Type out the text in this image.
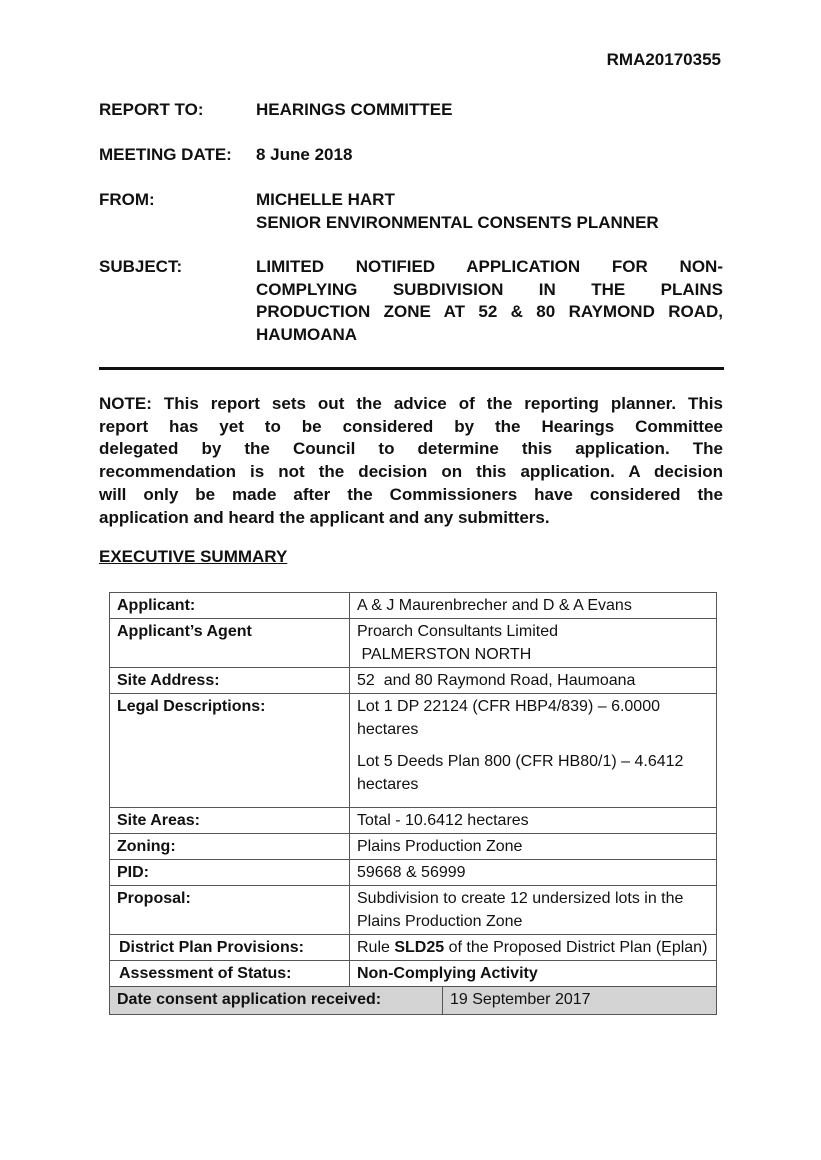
RMA20170355
REPORT TO:	HEARINGS COMMITTEE
MEETING DATE: 8 June 2018
FROM:	MICHELLE HART
SENIOR ENVIRONMENTAL CONSENTS PLANNER
SUBJECT:	LIMITED NOTIFIED APPLICATION FOR NON-
COMPLYING SUBDIVISION IN THE PLAINS
PRODUCTION ZONE AT 52 & 80 RAYMOND ROAD,
HAUMOANA
NOTE: This report sets out the advice of the reporting planner. This
report has yet to be considered by the Hearings Committee
delegated by the Council to determine this application. The
recommendation is not the decision on this application. A decision
will only be made after the Commissioners have considered the
application and heard the applicant and any submitters.
EXECUTIVE SUMMARY
Applicant:	A & J Maurenbrecher and D & A Evans

Applicant’s Agent	Proarch Consultants Limited
PALMERSTON NORTH

Site Address:	52  and 80 Raymond Road, Haumoana

Legal Descriptions:	Lot 1 DP 22124 (CFR HBP4/839) – 6.0000 hectares
Lot 5 Deeds Plan 800 (CFR HB80/1) – 4.6412 hectares

Site Areas:	Total - 10.6412 hectares

Zoning:	Plains Production Zone

PID:	59668 & 56999

Proposal:	Subdivision to create 12 undersized lots in the Plains Production Zone

District Plan Provisions:	Rule SLD25 of the Proposed District Plan (Eplan)
Assessment of Status:	Non-Complying Activity

Date consent application received: 19 September 2017	
